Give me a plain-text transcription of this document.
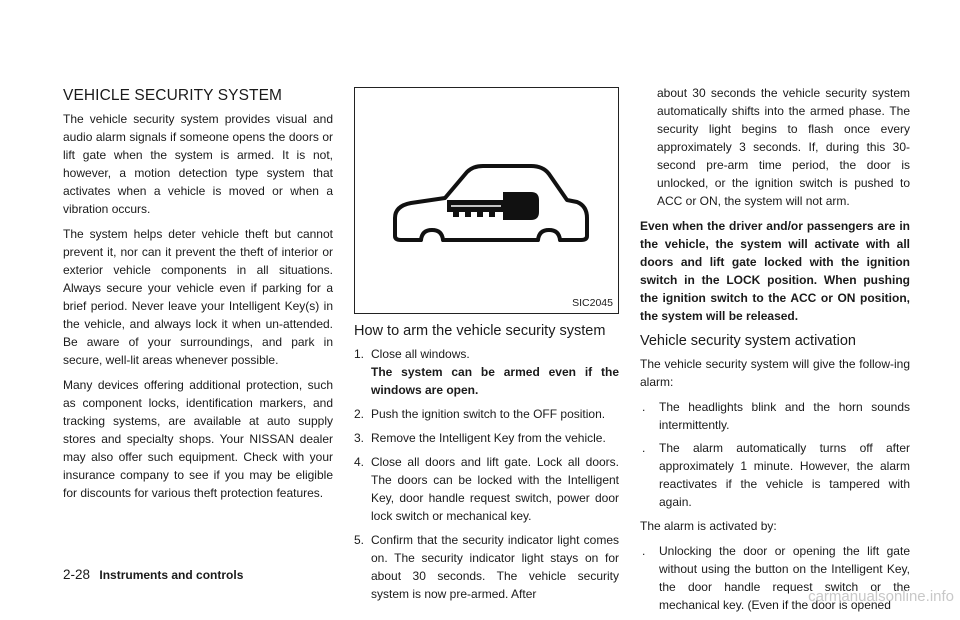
VEHICLE SECURITY SYSTEM

The vehicle security system provides visual and audio alarm signals if someone opens the doors or lift gate when the system is armed. It is not, however, a motion detection type system that activates when a vehicle is moved or when a vibration occurs.

The system helps deter vehicle theft but cannot prevent it, nor can it prevent the theft of interior or exterior vehicle components in all situations. Always secure your vehicle even if parking for a brief period. Never leave your Intelligent Key(s) in the vehicle, and always lock it when un-attended. Be aware of your surroundings, and park in secure, well-lit areas whenever possible.

Many devices offering additional protection, such as component locks, identification markers, and tracking systems, are available at auto supply stores and specialty shops. Your NISSAN dealer may also offer such equipment. Check with your insurance company to see if you may be eligible for discounts for various theft protection features.

SIC2045
How to arm the vehicle security system
1. Close all windows.
The system can be armed even if the windows are open.
2. Push the ignition switch to the OFF position.
3. Remove the Intelligent Key from the vehicle.
4. Close all doors and lift gate. Lock all doors. The doors can be locked with the Intelligent Key, door handle request switch, power door lock switch or mechanical key.
5. Confirm that the security indicator light comes on. The security indicator light stays on for about 30 seconds. The vehicle security system is now pre-armed. After

about 30 seconds the vehicle security system automatically shifts into the armed phase. The security light begins to flash once every approximately 3 seconds. If, during this 30-second pre-arm time period, the door is unlocked, or the ignition switch is pushed to ACC or ON, the system will not arm.

Even when the driver and/or passengers are in the vehicle, the system will activate with all doors and lift gate locked with the ignition switch in the LOCK position. When pushing the ignition switch to the ACC or ON position, the system will be released.

Vehicle security system activation

The vehicle security system will give the follow-ing alarm:

. The headlights blink and the horn sounds intermittently.
. The alarm automatically turns off after approximately 1 minute. However, the alarm reactivates if the vehicle is tampered with again.

The alarm is activated by:

. Unlocking the door or opening the lift gate without using the button on the Intelligent Key, the door handle request switch or the mechanical key. (Even if the door is opened
2-28 Instruments and controls
carmanualsonline.info
